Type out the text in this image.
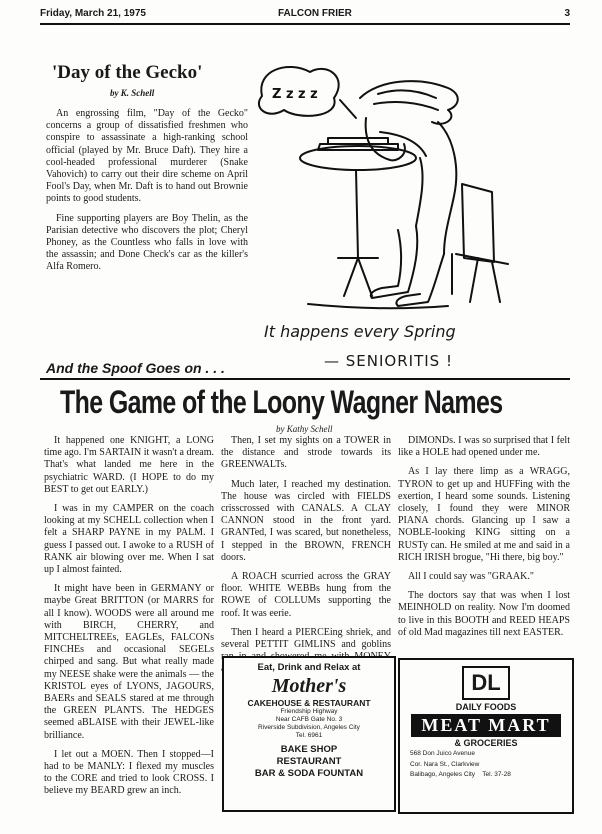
Friday, March 21, 1975	FALCON FRIER	3
'Day of the Gecko'
by K. Schell

An engrossing film, "Day of the Gecko" concerns a group of dissatisfied freshmen who conspire to assassinate a high-ranking school official (played by Mr. Bruce Daft). They hire a cool-headed professional murderer (Snake Vahovich) to carry out their dire scheme on April Fool's Day, when Mr. Daft is to hand out Brownie points to good students.

Fine supporting players are Boy Thelin, as the Parisian detective who discovers the plot; Cheryl Phoney, as the Countless who falls in love with the assassin; and Done Check's car as the killer's Alfa Romero.

Z z z z
It happens every Spring
— SENIORITIS !
And the Spoof Goes on . . .
The Game of the Loony Wagner Names
by Kathy Schell

It happened one KNIGHT, a LONG time ago. I'm SARTAIN it wasn't a dream. That's what landed me here in the psychiatric WARD. (I HOPE to do my BEST to get out EARLY.)

I was in my CAMPER on the coach looking at my SCHELL collection when I felt a SHARP PAYNE in my PALM. I guess I passed out. I awoke to a RUSH of RANK air blowing over me. When I sat up I almost fainted.

It might have been in GERMANY or maybe Great BRITTON (or MARRS for all I know). WOODS were all around me with BIRCH, CHERRY, and MITCHELTREEs, EAGLEs, FALCONs FINCHEs and occasional SEGELs chirped and sang. But what really made my NEESE shake were the animals — the KRISTOL eyes of LYONS, JAGOURS, BAERs and SEALS stared at me through the GREEN PLANTS. The HEDGES seemed aBLAISE with their JEWEL-like brilliance.

I let out a MOEN. Then I stopped—I had to be MANLY: I flexed my muscles to the CORE and tried to look CROSS. I believe my BEARD grew an inch.

Then, I set my sights on a TOWER in the distance and strode towards its GREENWALTs.

Much later, I reached my destination. The house was circled with FIELDS crisscrossed with CANALS. A CLAY CANNON stood in the front yard. GRANTed, I was scared, but nonetheless, I stepped in the BROWN, FRENCH doors.

A ROACH scurried across the GRAY floor. WHITE WEBBs hung from the ROWE of COLLUMs supporting the roof. It was eerie.

Then I heard a PIERCEing shriek, and several PETTIT GIMLINS and goblins

DIMONDs. I was so surprised that I felt like a HOLE had opened under me.

As I lay there limp as a WRAGG, TYRON to get up and HUFFing with the exertion, I heard some sounds. Listening closely, I found they were MINOR PIANA chords. Glancing up I saw a NOBLE-looking KING sitting on a RUSTy can. He smiled at me and said in a RICH IRISH brogue, "Hi there, big boy."

All I could say was "GRAAK."

The doctors say that was when I lost MEINHOLD on reality. Now I'm doomed to live in this BOOTH and REED HEAPS of old Mad magazines till next EASTER.

Eat, Drink and Relax at
Mother's
CAKEHOUSE & RESTAURANT
Friendship Highway
Near CAFB Gate No. 3
Riverside Subdivision, Angeles City
Tel. 6961
BAKE SHOP
RESTAURANT
BAR & SODA FOUNTAN
DL
DAILY FOODS
MEAT MART
& GROCERIES
568 Don Juico Avenue
Cor. Nara St., Clarkview
Balibago, Angeles City Tel. 37-28
